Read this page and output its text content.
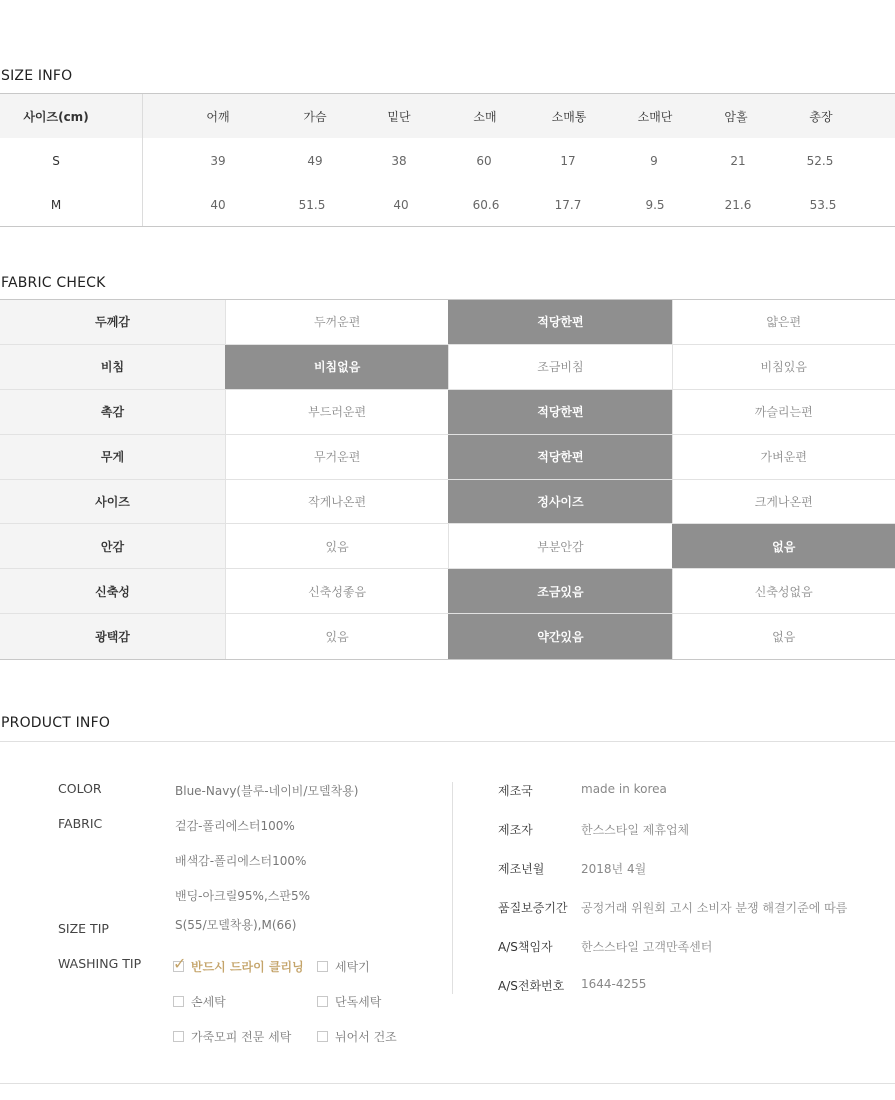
SIZE INFO
사이즈(cm)	어깨	가슴	밑단	소매	소매통	소매단	암홀	총장
S	39	49	38	60	17	9	21	52.5
M	40	51.5	40	60.6	17.7	9.5	21.6	53.5
FABRIC CHECK
두께감	두꺼운편	적당한편	얇은편
비침	비침없음	조금비침	비침있음
촉감	부드러운편	적당한편	까슬리는편
무게	무거운편	적당한편	가벼운편
사이즈	작게나온편	정사이즈	크게나온편
안감	있음	부분안감	없음
신축성	신축성좋음	조금있음	신축성없음
광택감	있음	약간있음	없음
PRODUCT INFO
COLOR	Blue-Navy(블루-네이비/모델착용)
FABRIC	겉감-폴리에스터100%
배색감-폴리에스터100%
밴딩-아크릴95%,스판5%
SIZE TIP	S(55/모델착용),M(66)
WASHING TIP ✓ 반드시 드라이 클리닝	세탁기
손세탁	단독세탁
가죽모피 전문 세탁	뉘어서 건조
제조국	made in korea
제조자	한스스타일 제휴업체
제조년월	2018년 4월
품질보증기간 공정거래 위원회 고시 소비자 분쟁 해결기준에 따름
A/S책임자 한스스타일 고객만족센터
A/S전화번호 1644-4255
